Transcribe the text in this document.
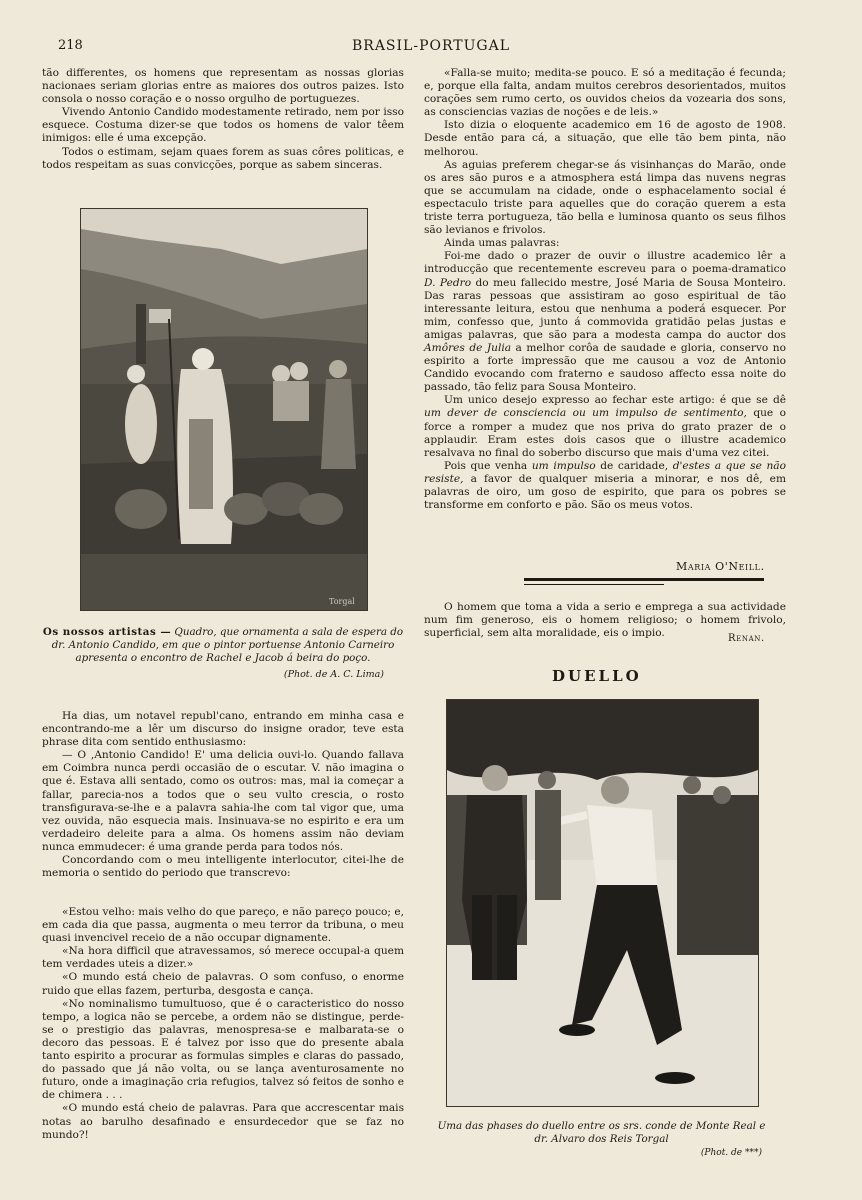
218	BRASIL-PORTUGAL

tão differentes, os homens que representam as nossas glorias nacionaes seriam glorias entre as maiores dos outros paizes. Isto consola o nosso coração e o nosso orgulho de portuguezes.

Vivendo Antonio Candido modestamente retirado, nem por isso esquece. Costuma dizer-se que todos os homens de valor têem inimigos: elle é uma excepção.

Todos o estimam, sejam quaes forem as suas côres politicas, e todos respeitam as suas convicções, porque as sabem sinceras.

Torgal
Os nossos artistas — Quadro, que ornamenta a sala de espera do dr. Antonio Candido, em que o pintor portuense Antonio Carneiro apresenta o encontro de Rachel e Jacob á beira do poço.
(Phot. de A. C. Lima)

Ha dias, um notavel republ'cano, entrando em minha casa e encontrando-me a lêr um discurso do insigne orador, teve esta phrase dita com sentido enthusiasmo:

— O ,Antonio Candido! E' uma delicia ouvi-lo. Quando fallava em Coimbra nunca perdi occasião de o escutar. V. não imagina o que é. Estava alli sentado, como os outros: mas, mal ia começar a fallar, parecia-nos a todos que o seu vulto crescia, o rosto transfigurava-se-lhe e a palavra sahia-lhe com tal vigor que, uma vez ouvida, não esquecia mais. Insinuava-se no espirito e era um verdadeiro deleite para a alma. Os homens assim não deviam nunca emmudecer: é uma grande perda para todos nós.

Concordando com o meu intelligente interlocutor, citei-lhe de memoria o sentido do periodo que transcrevo:

«Estou velho: mais velho do que pareço, e não pareço pouco; e, em cada dia que passa, augmenta o meu terror da tribuna, o meu quasi invencivel receio de a não occupar dignamente.

«Na hora difficil que atravessamos, só merece occupal-a quem tem verdades uteis a dizer.»

«O mundo está cheio de palavras. O som confuso, o enorme ruido que ellas fazem, perturba, desgosta e cança.

«No nominalismo tumultuoso, que é o caracteristico do nosso tempo, a logica não se percebe, a ordem não se distingue, perde-se o prestigio das palavras, menospresa-se e malbarata-se o decoro das pessoas. E é talvez por isso que do presente abala tanto espirito a procurar as formulas simples e claras do passado, do passado que já não volta, ou se lança aventurosamente no futuro, onde a imaginação cria refugios, talvez só feitos de sonho e de chimera . . .

«O mundo está cheio de palavras. Para que accrescentar mais notas ao barulho desafinado e ensurdecedor que se faz no mundo?!

«Falla-se muito; medita-se pouco. E só a meditação é fecunda; e, porque ella falta, andam muitos cerebros desorientados, muitos corações sem rumo certo, os ouvidos cheios da vozearia dos sons, as consciencias vazias de noções e de leis.»

Isto dizia o eloquente academico em 16 de agosto de 1908. Desde então para cá, a situação, que elle tão bem pinta, não melhorou.

As aguias preferem chegar-se ás visinhanças do Marão, onde os ares são puros e a atmosphera está limpa das nuvens negras que se accumulam na cidade, onde o esphacelamento social é espectaculo triste para aquelles que do coração querem a esta triste terra portugueza, tão bella e luminosa quanto os seus filhos são levianos e frivolos.

Ainda umas palavras:

Foi-me dado o prazer de ouvir o illustre academico lêr a introducção que recentemente escreveu para o poema-dramatico D. Pedro do meu fallecido mestre, José Maria de Sousa Monteiro. Das raras pessoas que assistiram ao goso espiritual de tão interessante leitura, estou que nenhuma a poderá esquecer. Por mim, confesso que, junto á commovida gratidão pelas justas e amigas palavras, que são para a modesta campa do auctor dos Amôres de Julia a melhor corôa de saudade e gloria, conservo no espirito a forte impressão que me causou a voz de Antonio Candido evocando com fraterno e saudoso affecto essa noite do passado, tão feliz para Sousa Monteiro.

Um unico desejo expresso ao fechar este artigo: é que se dê um dever de consciencia ou um impulso de sentimento, que o force a romper a mudez que nos priva do grato prazer de o applaudir. Eram estes dois casos que o illustre academico resalvava no final do soberbo discurso que mais d'uma vez citei.

Pois que venha um impulso de caridade, d'estes a que se não resiste, a favor de qualquer miseria a minorar, e nos dê, em palavras de oiro, um goso de espirito, que para os pobres se transforme em conforto e pão. São os meus votos.

Maria O'Neill.

O homem que toma a vida a serio e emprega a sua actividade num fim generoso, eis o homem religioso; o homem frivolo, superficial, sem alta moralidade, eis o impio.	Renan.
DUELLO
Uma das phases do duello entre os srs. conde de Monte Real e dr. Alvaro dos Reis Torgal
(Phot. de ***)
